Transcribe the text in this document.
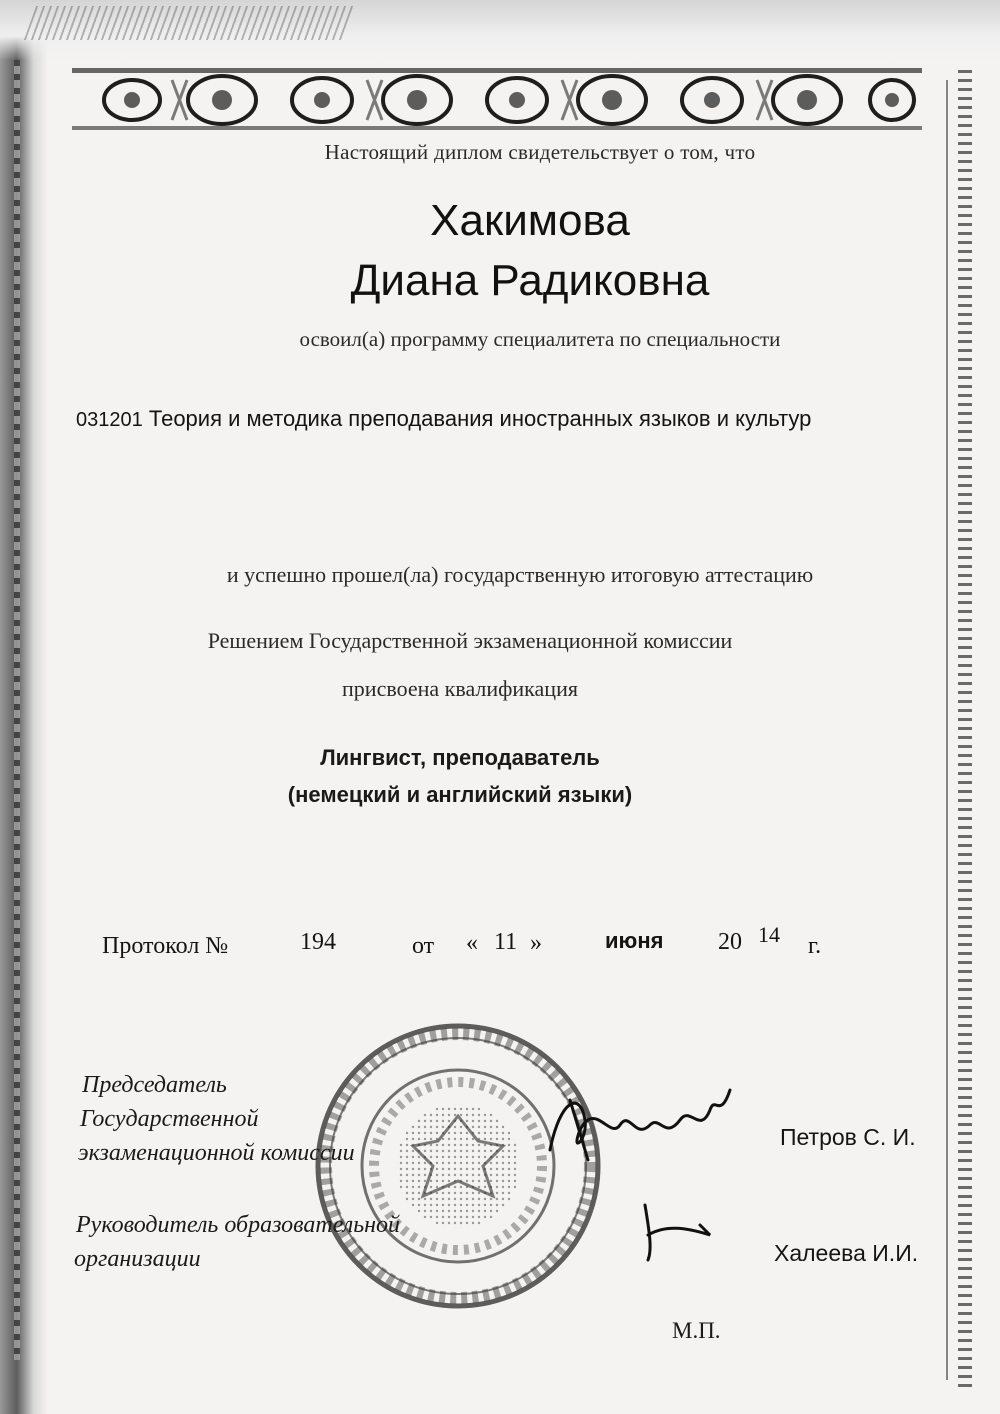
Настоящий диплом свидетельствует о том, что
Хакимова
Диана Радиковна
освоил(а) программу специалитета по специальности
031201 Теория и методика преподавания иностранных языков и культур
и успешно прошел(ла) государственную итоговую аттестацию
Решением Государственной экзаменационной комиссии
присвоена квалификация
Лингвист, преподаватель
(немецкий и английский языки)
Протокол №	194	от « 11 »	июня 20 14 г.
Председатель
Государственной
экзаменационной комиссии
Петров С. И.
Руководитель образовательной
организации	Халеева И.И.
М.П.
